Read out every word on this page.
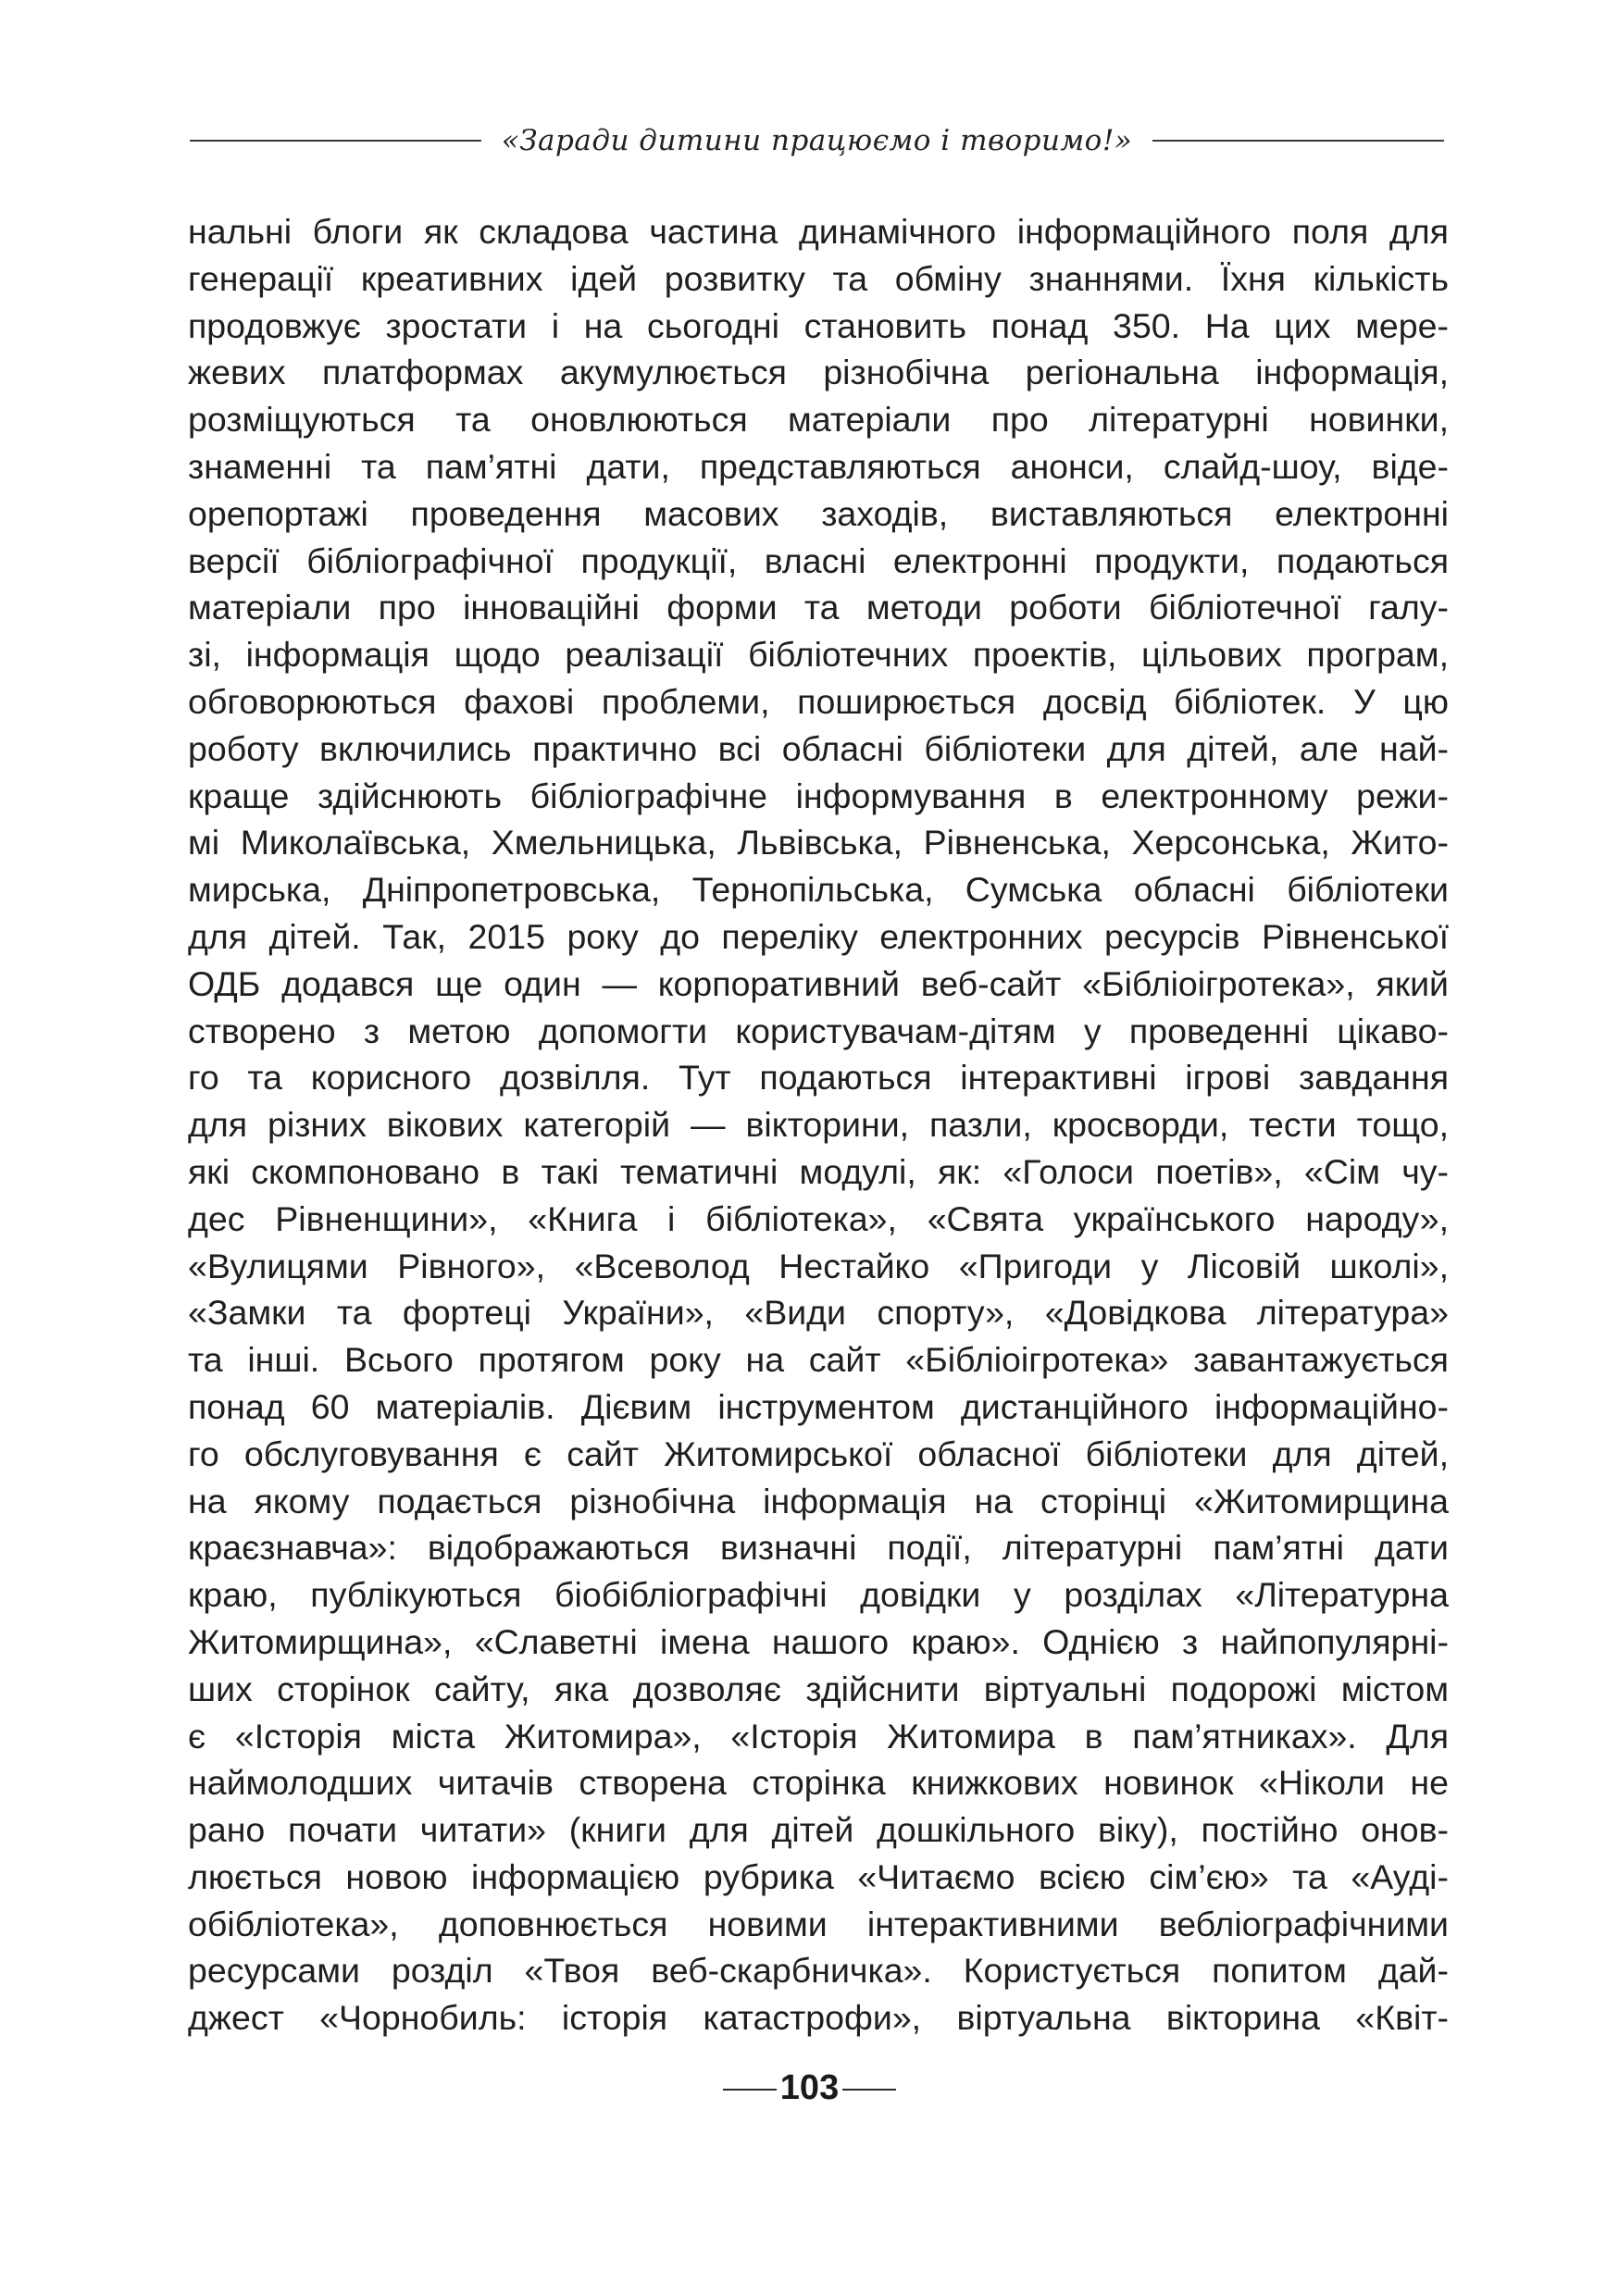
«Заради дитини працюємо і творимо!»
нальні блоги як складова частина динамічного інформаційного поля для
генерації креативних ідей розвитку та обміну знаннями. Їхня кількість
продовжує зростати і на сьогодні становить понад 350. На цих мере-
жевих платформах акумулюється різнобічна регіональна інформація,
розміщуються та оновлюються матеріали про літературні новинки,
знаменні та пам’ятні дати, представляються анонси, слайд-шоу, віде-
орепортажі проведення масових заходів, виставляються електронні
версії бібліографічної продукції, власні електронні продукти, подаються
матеріали про інноваційні форми та методи роботи бібліотечної галу-
зі, інформація щодо реалізації бібліотечних проектів, цільових програм,
обговорюються фахові проблеми, поширюється досвід бібліотек. У цю
роботу включились практично всі обласні бібліотеки для дітей, але най-
краще здійснюють бібліографічне інформування в електронному режи-
мі Миколаївська, Хмельницька, Львівська, Рівненська, Херсонська, Жито-
мирська, Дніпропетровська, Тернопільська, Сумська обласні бібліотеки
для дітей. Так, 2015 року до переліку електронних ресурсів Рівненської
ОДБ додався ще один — корпоративний веб-сайт «Бібліоігротека», який
створено з метою допомогти користувачам-дітям у проведенні цікаво-
го та корисного дозвілля. Тут подаються інтерактивні ігрові завдання
для різних вікових категорій — вікторини, пазли, кросворди, тести тощо,
які скомпоновано в такі тематичні модулі, як: «Голоси поетів», «Сім чу-
дес Рівненщини», «Книга і бібліотека», «Свята українського народу»,
«Вулицями Рівного», «Всеволод Нестайко «Пригоди у Лісовій школі»,
«Замки та фортеці України», «Види спорту», «Довідкова література»
та інші. Всього протягом року на сайт «Бібліоігротека» завантажується
понад 60 матеріалів. Дієвим інструментом дистанційного інформаційно-
го обслуговування є сайт Житомирської обласної бібліотеки для дітей,
на якому подається різнобічна інформація на сторінці «Житомирщина
краєзнавча»: відображаються визначні події, літературні пам’ятні дати
краю, публікуються біобібліографічні довідки у розділах «Літературна
Житомирщина», «Славетні імена нашого краю». Однією з найпопулярні-
ших сторінок сайту, яка дозволяє здійснити віртуальні подорожі містом
є «Історія міста Житомира», «Історія Житомира в пам’ятниках». Для
наймолодших читачів створена сторінка книжкових новинок «Ніколи не
рано почати читати» (книги для дітей дошкільного віку), постійно онов-
люється новою інформацією рубрика «Читаємо всією сім’єю» та «Ауді-
обібліотека», доповнюється новими інтерактивними веблiографічними
ресурсами розділ «Твоя веб-скарбничка». Користується попитом дай-
джест «Чорнобиль: історія катастрофи», віртуальна вікторина «Квіт-
103
